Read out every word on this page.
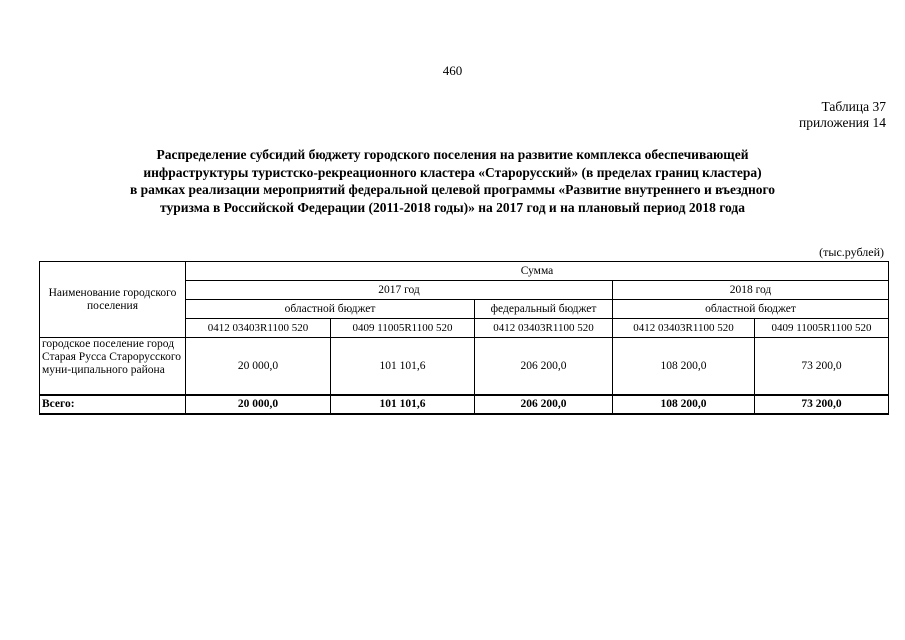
460
Таблица 37
приложения 14
Распределение субсидий бюджету городского поселения на развитие комплекса обеспечивающей
инфраструктуры туристско-рекреационного кластера «Старорусский» (в пределах границ кластера)
в рамках реализации мероприятий федеральной целевой программы «Развитие внутреннего и въездного
туризма в Российской Федерации (2011-2018 годы)» на 2017 год и на плановый период 2018 года
(тыс.рублей)
Наименование городского поселения	Сумма				
	2017 год			2018 год	
	областной бюджет		федеральный бюджет	областной бюджет	
	0412 03403R1100 520	0409 11005R1100 520	0412 03403R1100 520	0412 03403R1100 520	0409 11005R1100 520
городское поселение город Старая Русса Старорусского муни-ципального района	20 000,0	101 101,6	206 200,0	108 200,0	73 200,0
Всего:	20 000,0	101 101,6	206 200,0	108 200,0	73 200,0
